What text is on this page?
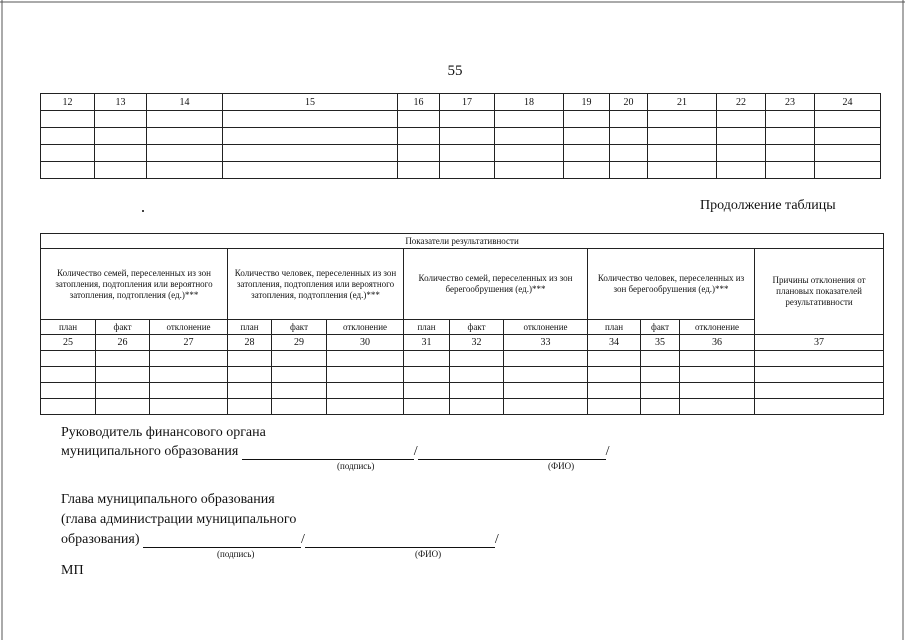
55
12	13	14	15	16	17	18	19	20	21	22	23	24

Продолжение таблицы
Показатели результативности												
Количество семей, переселенных из зон затопления, подтопления или вероятного затопления, подтопления (ед.)***			Количество человек, переселенных из зон затопления, подтопления или вероятного затопления, подтопления (ед.)***			Количество семей, переселенных из зон берегообрушения (ед.)***			Количество человек, переселенных из зон берегообрушения (ед.)***			Причины отклонения от плановых показателей результативности
план	факт	отклонение	план	факт	отклонение	план	факт	отклонение	план	факт	отклонение	
25	26	27	28	29	30	31	32	33	34	35	36	37

Руководитель финансового органа
муниципального образования	/	/
(подпись)	(ФИО)
Глава муниципального образования
(глава администрации муниципального
образования)	/	/
(подпись)	(ФИО)
МП
